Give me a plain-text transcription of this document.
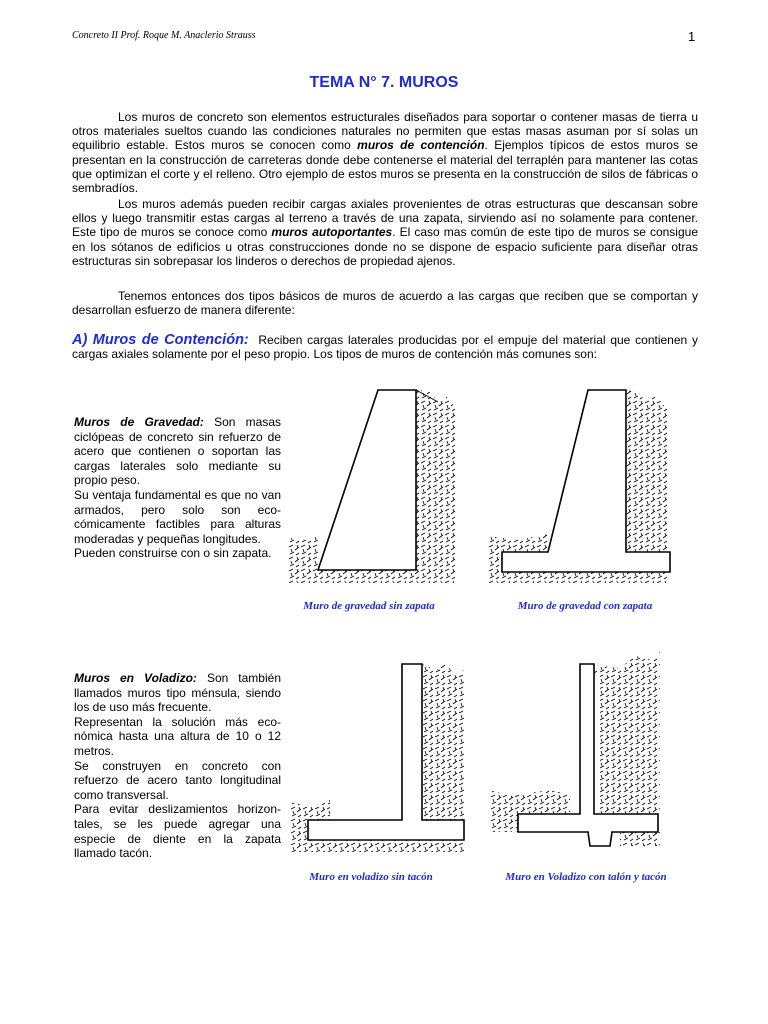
Concreto II Prof. Roque M. Anaclerio Strauss	1
TEMA N° 7. MUROS
Los muros de concreto son elementos estructurales diseñados para soportar o contener masas de tierra u otros materiales sueltos cuando las condiciones naturales no permiten que estas masas asuman por sí solas un equilibrio estable. Estos muros se conocen como muros de contención. Ejemplos típicos de estos muros se presentan en la construcción de carreteras donde debe contenerse el material del terraplén para mantener las cotas que optimizan el corte y el relleno. Otro ejemplo de estos muros se presenta en la construcción de silos de fábricas o sembradíos.
Los muros además pueden recibir cargas axiales provenientes de otras estructuras que descansan sobre ellos y luego transmitir estas cargas al terreno a través de una zapata, sirviendo así no solamente para contener. Este tipo de muros se conoce como muros autoportantes. El caso mas común de este tipo de muros se consigue en los sótanos de edificios u otras construcciones donde no se dispone de espacio suficiente para diseñar otras estructuras sin sobrepasar los linderos o derechos de propiedad ajenos.
Tenemos entonces dos tipos básicos de muros de acuerdo a las cargas que reciben que se comportan y desarrollan esfuerzo de manera diferente:
A) Muros de Contención: Reciben cargas laterales producidas por el empuje del material que contienen y cargas axiales solamente por el peso propio. Los tipos de muros de contención más comunes son:
Muros de Gravedad: Son masas ciclópeas de concreto sin refuerzo de acero que contienen o soportan las cargas laterales solo mediante su propio peso.
Su ventaja fundamental es que no van armados, pero solo son eco-cómicamente factibles para alturas moderadas y pequeñas longitudes.
Pueden construirse con o sin zapata.
Muro de gravedad sin zapata	Muro de gravedad con zapata
Muros en Voladizo: Son también llamados muros tipo ménsula, siendo los de uso más frecuente.
Representan la solución más eco-nómica hasta una altura de 10 o 12 metros.
Se construyen en concreto con refuerzo de acero tanto longitudinal como transversal.
Para evitar deslizamientos horizon-tales, se les puede agregar una especie de diente en la zapata llamado tacón.
Muro en voladizo sin tacón	Muro en Voladizo con talón y tacón
